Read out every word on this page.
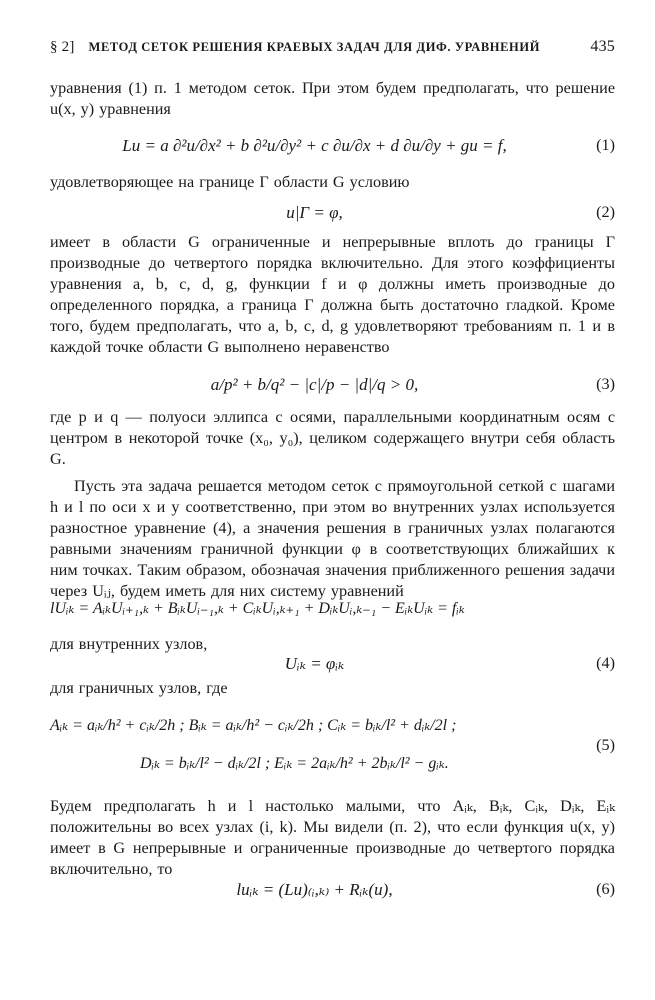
§ 2] МЕТОД СЕТОК РЕШЕНИЯ КРАЕВЫХ ЗАДАЧ ДЛЯ ДИФ. УРАВНЕНИЙ	435
уравнения (1) п. 1 методом сеток. При этом будем предполагать, что решение u(x, y) уравнения
Lu = a ∂²u/∂x² + b ∂²u/∂y² + c ∂u/∂x + d ∂u/∂y + gu = f,	(1)
удовлетворяющее на границе Γ области G условию
u|Γ = φ,	(2)
имеет в области G ограниченные и непрерывные вплоть до границы Γ производные до четвертого порядка включительно. Для этого коэффициенты уравнения a, b, c, d, g, функции f и φ должны иметь производные до определенного порядка, а граница Γ должна быть достаточно гладкой. Кроме того, будем предполагать, что a, b, c, d, g удовлетворяют требованиям п. 1 и в каждой точке области G выполнено неравенство
a/p² + b/q² − |c|/p − |d|/q > 0,	(3)
где p и q — полуоси эллипса с осями, параллельными координатным осям с центром в некоторой точке (x₀, y₀), целиком содержащего внутри себя область G.
Пусть эта задача решается методом сеток с прямоугольной сеткой с шагами h и l по оси x и y соответственно, при этом во внутренних узлах используется разностное уравнение (4), а значения решения в граничных узлах полагаются равными значениям граничной функции φ в соответствующих ближайших к ним точках. Таким образом, обозначая значения приближенного решения задачи через Uᵢⱼ, будем иметь для них систему уравнений
lUᵢₖ = AᵢₖUᵢ₊₁,ₖ + BᵢₖUᵢ₋₁,ₖ + CᵢₖUᵢ,ₖ₊₁ + DᵢₖUᵢ,ₖ₋₁ − EᵢₖUᵢₖ = fᵢₖ
для внутренних узлов,
Uᵢₖ = φᵢₖ	(4)
для граничных узлов, где
Aᵢₖ = aᵢₖ/h² + cᵢₖ/2h ; Bᵢₖ = aᵢₖ/h² − cᵢₖ/2h ; Cᵢₖ = bᵢₖ/l² + dᵢₖ/2l ;
Dᵢₖ = bᵢₖ/l² − dᵢₖ/2l ; Eᵢₖ = 2aᵢₖ/h² + 2bᵢₖ/l² − gᵢₖ.
(5)
Будем предполагать h и l настолько малыми, что Aᵢₖ, Bᵢₖ, Cᵢₖ, Dᵢₖ, Eᵢₖ положительны во всех узлах (i, k). Мы видели (п. 2), что если функция u(x, y) имеет в G непрерывные и ограниченные производные до четвертого порядка включительно, то
luᵢₖ = (Lu)₍ᵢ,ₖ₎ + Rᵢₖ(u),	(6)
